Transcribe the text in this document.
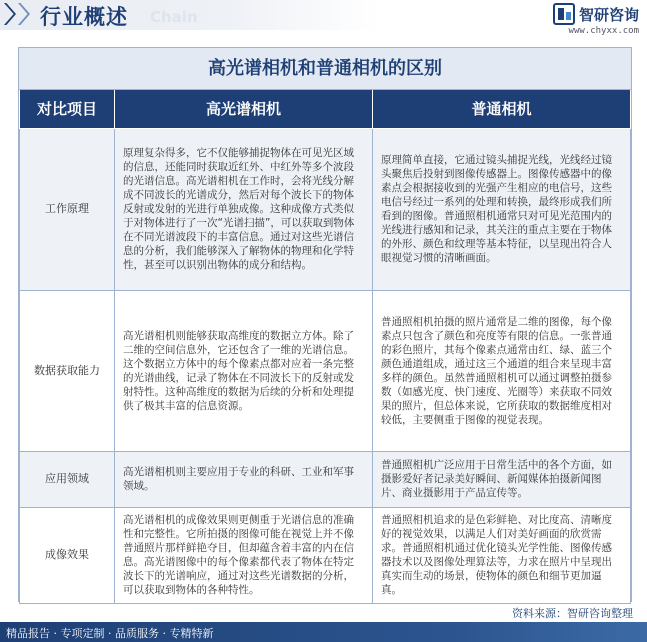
行业概述 Chain	智研咨询
www.chyxx.com
高光谱相机和普通相机的区别
对比项目	高光谱相机	普通相机
工作原理	原理复杂得多，它不仅能够捕捉物体在可见光区域的信息，还能同时获取近红外、中红外等多个波段的光谱信息。高光谱相机在工作时，会将光线分解成不同波长的光谱成分，然后对每个波长下的物体反射或发射的光进行单独成像。这种成像方式类似于对物体进行了一次“光谱扫描”，可以获取到物体在不同光谱波段下的丰富信息。通过对这些光谱信息的分析，我们能够深入了解物体的物理和化学特性，甚至可以识别出物体的成分和结构。	原理简单直接，它通过镜头捕捉光线，光线经过镜头聚焦后投射到图像传感器上。图像传感器中的像素点会根据接收到的光强产生相应的电信号，这些电信号经过一系列的处理和转换，最终形成我们所看到的图像。普通照相机通常只对可见光范围内的光线进行感知和记录，其关注的重点主要在于物体的外形、颜色和纹理等基本特征，以呈现出符合人眼视觉习惯的清晰画面。
数据获取能力	高光谱相机则能够获取高维度的数据立方体。除了二维的空间信息外，它还包含了一维的光谱信息。这个数据立方体中的每个像素点都对应着一条完整的光谱曲线，记录了物体在不同波长下的反射或发射特性。这种高维度的数据为后续的分析和处理提供了极其丰富的信息资源。	普通照相机拍摄的照片通常是二维的图像，每个像素点只包含了颜色和亮度等有限的信息。一张普通的彩色照片，其每个像素点通常由红、绿、蓝三个颜色通道组成，通过这三个通道的组合来呈现丰富多样的颜色。虽然普通照相机可以通过调整拍摄参数（如感光度、快门速度、光圈等）来获取不同效果的照片，但总体来说，它所获取的数据维度相对较低，主要侧重于图像的视觉表现。
应用领域	高光谱相机则主要应用于专业的科研、工业和军事领域。	普通照相机广泛应用于日常生活中的各个方面，如摄影爱好者记录美好瞬间、新闻媒体拍摄新闻图片、商业摄影用于产品宣传等。
成像效果	高光谱相机的成像效果则更侧重于光谱信息的准确性和完整性。它所拍摄的图像可能在视觉上并不像普通照片那样鲜艳夺目，但却蕴含着丰富的内在信息。高光谱图像中的每个像素都代表了物体在特定波长下的光谱响应，通过对这些光谱数据的分析，可以获取到物体的各种特性。	普通照相机追求的是色彩鲜艳、对比度高、清晰度好的视觉效果，以满足人们对美好画面的欣赏需求。普通照相机通过优化镜头光学性能、图像传感器技术以及图像处理算法等，力求在照片中呈现出真实而生动的场景，使物体的颜色和细节更加逼真。
资料来源：智研咨询整理
精品报告 · 专项定制 · 品质服务 · 专精特新
